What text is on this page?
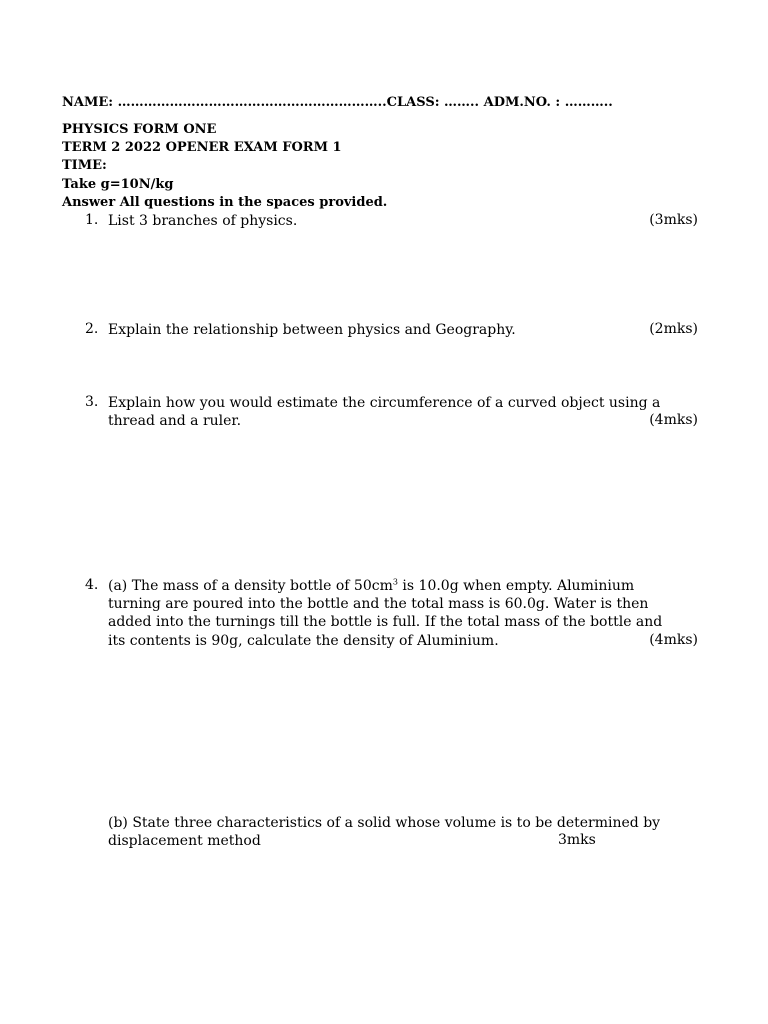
NAME: ……………………………………………………..CLASS: …….. ADM.NO. : ………..
PHYSICS FORM ONE
TERM 2 2022 OPENER EXAM FORM 1
TIME:
Take g=10N/kg
Answer All questions in the spaces provided.
1. List 3 branches of physics.	(3mks)
2. Explain the relationship between physics and Geography.	(2mks)
3. Explain how you would estimate the circumference of a curved object using a
thread and a ruler.	(4mks)
4. (a) The mass of a density bottle of $50cm^3$ is 10.0g when empty. Aluminium
turning are poured into the bottle and the total mass is 60.0g. Water is then
added into the turnings till the bottle is full. If the total mass of the bottle and
its contents is 90g, calculate the density of Aluminium.	(4mks)
(b) State three characteristics of a solid whose volume is to be determined by
displacement method	3mks
